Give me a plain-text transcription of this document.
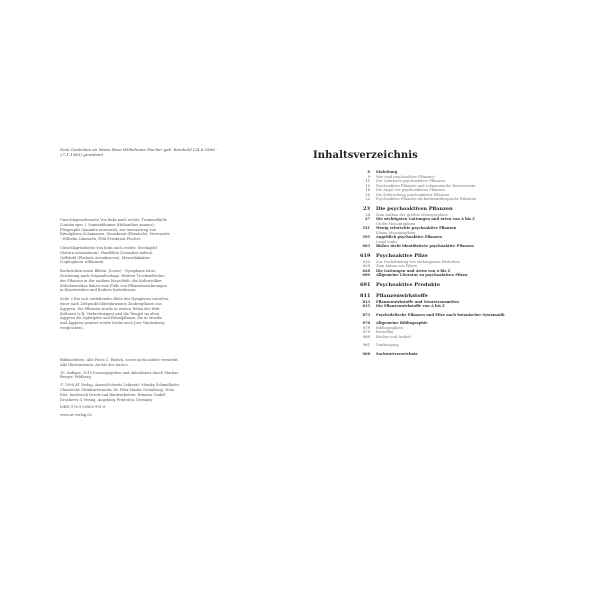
Dem Gedenken an Marie Rose Wilhelmine Fischer geb. Reinhold (24.6.1896 - 27.1.1983) gewidmet

Umschlagvorderseite Von links nach rechts: Trommelhülle (Lotoba spec.), Sonnenblumen (Helianthus annuus), Fliegenpilz (Amanita muscaria), zur Aussaattrag von Ritualpilzen Schamanen, Sternkraut (Ebenholz), Sternwarts - Wilhelm Lämmerh, Feld Fernkraut Fischer.

Umschlagrückseite Von links nach rechts: Stechapfel (Datura stramonium), Hanfblüte (Cannabis indica), Gelbkohl (Phalaris Arundinacea). Mescalinkaktus (Lophophora williamsii).

Buchrücken innen Blüten. (Lotos) - Nymphaea lotus: Zeichnung nach Originalvorlage. Weitere Trockenfrüchte der Pflanzen in der antiken Maya-Welt; die Kulturvölker Mittelamerikas haben eine Fülle von Pflanzenzeichnungen in Kunstwerken und Kodizes hinterlassen.

Seite 2 Ein sich entfaltender Blüte der Nymphaea caerulea, einer nach Zeitpunkt blütenkrasmen Zauberpflanze aus Ägypten. Die Pflanzen wurde in weiten Teilen der Welt Kulturen (z.B. Verbreitungen) und die Tempel im alten Ägypten als Opfergabe und Ritualpflanze, die in Mexiko und Ägypten genutzt wurde (siehe auch Jose Vandenberg vergleichen).

Bildnachweis: Alle Fotos C. Rätsch, sowie nicht anders vermerkt. Alle Illustrationen: Archiv des Autors.

10. Auflage, 2010 herausgegeben und aktualisiert durch Markus Berger, Feldberg

© 1998 AT Verlag, Aarau/Schweiz Lektorat: Monika Schmidhofer Chemische Strukturformeln: Dr. Felix Hasler Gestaltung: Nina Ritz, Innsbruck Druck und Bindearbeiten: Himmer GmbH Druckerei & Verlag, Augsburg Printed in Germany

ISBN 978-3-03800-991-6

www.at-verlag.ch

Inhaltsverzeichnis
8	Einleitung
9	Was sind psychoaktive Pflanzen?
11	Der Gebrauch psychoaktiver Pflanzen
15	Psychoaktive Pflanzen und schamanische Bewusstsein
18	Die Angst vor psychoaktiven Pflanzen
20	Die Erforschung psychoaktiver Pflanzen
22	Psychoaktive Pflanzen als kulturanthropische Faktoren
23	Die psychoaktiven Pflanzen
24	Zum Aufbau der großen Monographien
27	Die wichtigsten Gattungen und Arten von A bis Z
Große Monographien
531	Wenig erforschte psychoaktive Pflanzen
Kleine Monographien
595	Angeblich psychoaktive Pflanzen
Legal highs
603	Bisher nicht identifizierte psychoaktive Pflanzen
619	Psychoaktive Pilze
622	Zur Nachahmung von entheogenen Pilzkulten
625	Zum Anbau von Pilzen
628	Die Gattungen und Arten von A bis Z
690	Allgemeine Literatur zu psychoaktiven Pilzen
691	Psychoaktive Produkte
811	Pflanzenwirkstoffe
813	Pflanzenwirkstoffe und Neurotransmitter
815	Die Pflanzenwirkstoffe von A bis Z
873	Psychedelische Pflanzen und Pilze nach botanischer Systematik
878	Allgemeine Bibliographie
879	Bibliographien
879	Periodika
880	Bücher und Artikel
961	Danksagung
968	Sachwortverzeichnis
